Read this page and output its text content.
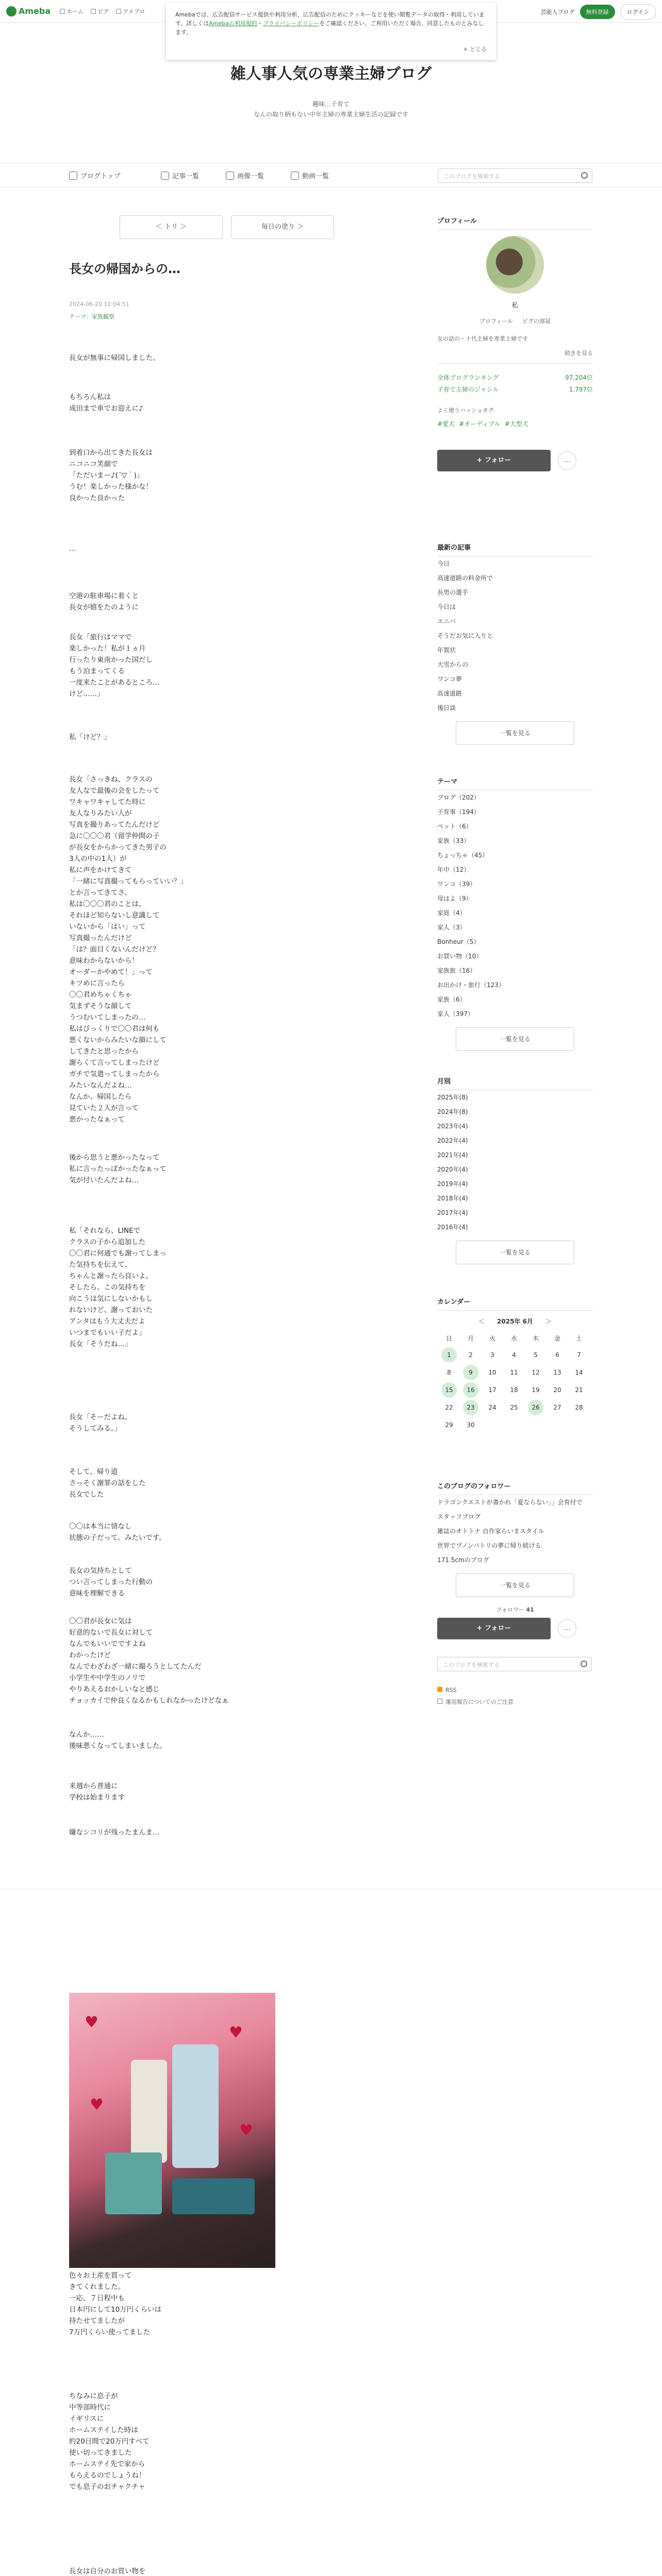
Ameba	ホーム ピグ アメブロ	芸能人ブログ	無料登録	ログイン
Amebaでは、広告配信サービス提供や利用分析、広告配信のためにクッキーなどを使い閲覧データの取得・利用しています。詳しくはAmebaの利用規約・プライバシーポリシーをご確認ください。ご利用いただく場合、同意したものとみなします。
× とじる
雑人事人気の専業主婦ブログ
趣味…子育て
なんの取り柄もない中年主婦の専業主婦生活の記録です
ブログトップ	記事一覧	画像一覧	動画一覧	このブログを検索する
＜ トリ ＞	毎日の塗り ＞
長女の帰国からの…
2024-06-20 11:04:51
テーマ：家族観察
長女が無事に帰国しました。
もちろん私は
成田まで車でお迎えに♪
到着口から出てきた長女は
ニコニコ笑顔で
「ただいまー♪(´▽｀)」
うむ！楽しかった様かな！
良かった良かった
…
空港の駐車場に着くと
長女が嬉をたのように
長女「旅行はママで
楽しかった！私が１ヵ月
行ったり東南かった国だし
もう泊まってくる
一度来たことがあるところ…
けど……」
私「けど？」
長女「さっきね、クラスの
友人なで最後の会をしたって
ワキャワキャしてた時に
友人なりみたい人が
写真を撮りあってたんだけど
急に〇〇〇君（留学仲間の子
が長女をからかってきた男子の
3人の中の1人）が
私に声をかけてきて
「一緒に写真撮ってもらっていい？」
とか言ってきてさ。
私は〇〇〇君のことは、
それほど知らないし意識して
いないから「はい」って
写真撮ったんだけど
「は？面目くないんだけど？
意味わからないから！
オーダーかやめて！」って
キツめに言ったら
〇〇君めちゃくちゃ
気まずそうな顔して
うつむいてしまったの…
私はびっくりで〇〇君は何も
悪くないからみたいな顔にして
してきたと思ったから
謝らくて言ってしまったけど
ガチで気遣ってしまったから
みたいなんだよね…
なんか、帰国したら
見ていた２人が言って
悪かったなぁって
後から思うと悪かったなって
私に言ったっぽかったなぁって
気が付いたんだよね…
私「それなら、LINEで
クラスの子から追加した
〇〇君に何通でも謝ってしまっ
た気持ちを伝えて、
ちゃんと謝ったら良いよ。
そしたら、この気持ちを
向こうは気にしないかもし
れないけど、謝っておいた
アンタはもう大丈夫だよ
いつまでもいい子だよ」
長女「そうだね…」
長女「そーだよね。
そうしてみる。」
そして、帰り道
さっそく謝罪の話をした
長女でした
〇〇は本当に情なし
状態の子だって。みたいです。
長女の気持ちとして
つい言ってしまった行動の
意味を理解できる
〇〇君が長女に気は
好意的ないで長女に対して
なんでもいいでですよね
わかったけど
なんでわざわざ一緒に撮ろうとしてたんだ
小学生や中学生のノリで
やりあえるおかしいなと感じ
チョッカイで仲良くなるかもしれなかったけどなぁ
なんか……
後味悪くなってしまいました。
来週から普通に
学校は始まります
嫌なシコリが残ったまんま…
♥
♥
♥
♥
色々お土産を買って
きてくれました。
一応、７日程中も
日本円にして10万円くらいは
持たせてましたが
7万円くらい使ってました
ちなみに息子が
中等部時代に
イギリスに
ホームステイした時は
約20日間で20万円すべて
使い切ってきました
ホームステイ先で家から
もらえるのでしょうね！
でも息子のおチャクチャ
長女は自分のお買い物を

プロフィール
私
プロフィール ピグの部屋
女の話の・十代主婦を専業主婦です
続きを見る
全体ブログランキング	97,204位
子育て主婦のジャンル	1,797位
よく使うハッシュタグ
#愛犬 #オーディブル #大型犬
+ フォロー	…
最新の記事
今日
高速道路の料金所で
長男の選手
今日は
エニバ
そうだお気に入りと
年賀状
大雪からの
ワンコ夢
高速道路
後日談
一覧を見る
テーマ
ブログ（202）
子育事（194）
ペット（6）
家族（33）
ちょっちゃ（45）
年中（12）
ワンコ（39）
母はよ（9）
家庭（4）
家人（3）
Bonheur（5）
お買い物（10）
家族旅（16）
お出かけ・旅行（123）
家族（6）
家人（397）
一覧を見る
月別
2025年(8)
2024年(8)
2023年(4)
2022年(4)
2021年(4)
2020年(4)
2019年(4)
2018年(4)
2017年(4)
2016年(4)
一覧を見る
カレンダー
＜ 2025年 6月 ＞
日	月	火	水	木	金	土
1	2	3	4	5	6	7
8	9	10	11	12	13	14
15	16	17	18	19	20	21
22	23	24	25	26	27	28
29	30
このブログのフォロワー
ドラゴンクエストが書かれ「夏ならない」」会育付で
スタッフブログ
雑誌のオトトナ 自作家らいまスタイル
世界でプノンパトリの夢に帰り続ける
171.5cmのブログ
一覧を見る
フォロワー 41
+ フォロー	…
このブログを検索する
RSS
運用報告についてのご注意
